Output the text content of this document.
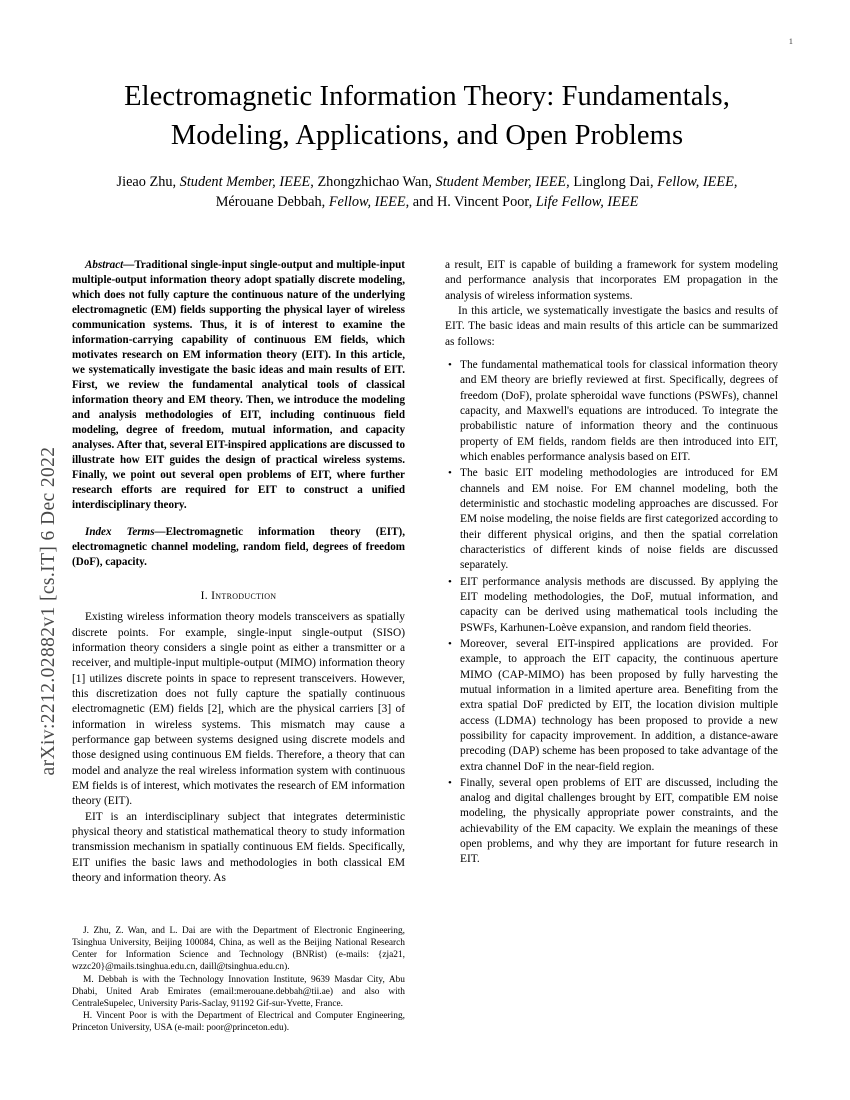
arXiv:2212.02882v1 [cs.IT] 6 Dec 2022
1
Electromagnetic Information Theory: Fundamentals, Modeling, Applications, and Open Problems
Jieao Zhu, Student Member, IEEE, Zhongzhichao Wan, Student Member, IEEE, Linglong Dai, Fellow, IEEE,
Mérouane Debbah, Fellow, IEEE, and H. Vincent Poor, Life Fellow, IEEE
Abstract—Traditional single-input single-output and multiple-input multiple-output information theory adopt spatially discrete modeling, which does not fully capture the continuous nature of the underlying electromagnetic (EM) fields supporting the physical layer of wireless communication systems. Thus, it is of interest to examine the information-carrying capability of continuous EM fields, which motivates research on EM information theory (EIT). In this article, we systematically investigate the basic ideas and main results of EIT. First, we review the fundamental analytical tools of classical information theory and EM theory. Then, we introduce the modeling and analysis methodologies of EIT, including continuous field modeling, degree of freedom, mutual information, and capacity analyses. After that, several EIT-inspired applications are discussed to illustrate how EIT guides the design of practical wireless systems. Finally, we point out several open problems of EIT, where further research efforts are required for EIT to construct a unified interdisciplinary theory.
Index Terms—Electromagnetic information theory (EIT), electromagnetic channel modeling, random field, degrees of freedom (DoF), capacity.
I. Introduction

Existing wireless information theory models transceivers as spatially discrete points. For example, single-input single-output (SISO) information theory considers a single point as either a transmitter or a receiver, and multiple-input multiple-output (MIMO) information theory [1] utilizes discrete points in space to represent transceivers. However, this discretization does not fully capture the spatially continuous electromagnetic (EM) fields [2], which are the physical carriers [3] of information in wireless systems. This mismatch may cause a performance gap between systems designed using discrete models and those designed using continuous EM fields. Therefore, a theory that can model and analyze the real wireless information system with continuous EM fields is of interest, which motivates the research of EM information theory (EIT).

EIT is an interdisciplinary subject that integrates deterministic physical theory and statistical mathematical theory to study information transmission mechanism in spatially continuous EM fields. Specifically, EIT unifies the basic laws and methodologies in both classical EM theory and information theory. As

a result, EIT is capable of building a framework for system modeling and performance analysis that incorporates EM propagation in the analysis of wireless information systems.

In this article, we systematically investigate the basics and results of EIT. The basic ideas and main results of this article can be summarized as follows:

• The fundamental mathematical tools for classical information theory and EM theory are briefly reviewed at first. Specifically, degrees of freedom (DoF), prolate spheroidal wave functions (PSWFs), channel capacity, and Maxwell's equations are introduced. To integrate the probabilistic nature of information theory and the continuous property of EM fields, random fields are then introduced into EIT, which enables performance analysis based on EIT.
• The basic EIT modeling methodologies are introduced for EM channels and EM noise. For EM channel modeling, both the deterministic and stochastic modeling approaches are discussed. For EM noise modeling, the noise fields are first categorized according to their different physical origins, and then the spatial correlation characteristics of different kinds of noise fields are discussed separately.
• EIT performance analysis methods are discussed. By applying the EIT modeling methodologies, the DoF, mutual information, and capacity can be derived using mathematical tools including the PSWFs, Karhunen-Loève expansion, and random field theories.
• Moreover, several EIT-inspired applications are provided. For example, to approach the EIT capacity, the continuous aperture MIMO (CAP-MIMO) has been proposed by fully harvesting the mutual information in a limited aperture area. Benefiting from the extra spatial DoF predicted by EIT, the location division multiple access (LDMA) technology has been proposed to provide a new possibility for capacity improvement. In addition, a distance-aware precoding (DAP) scheme has been proposed to take advantage of the extra channel DoF in the near-field region.
• Finally, several open problems of EIT are discussed, including the analog and digital challenges brought by EIT, compatible EM noise modeling, the physically appropriate power constraints, and the achievability of the EM capacity. We explain the meanings of these open problems, and why they are important for future research in EIT.

J. Zhu, Z. Wan, and L. Dai are with the Department of Electronic Engineering, Tsinghua University, Beijing 100084, China, as well as the Beijing National Research Center for Information Science and Technology (BNRist) (e-mails: {zja21, wzzc20}@mails.tsinghua.edu.cn, daill@tsinghua.edu.cn).

M. Debbah is with the Technology Innovation Institute, 9639 Masdar City, Abu Dhabi, United Arab Emirates (email:merouane.debbah@tii.ae) and also with CentraleSupelec, University Paris-Saclay, 91192 Gif-sur-Yvette, France.

H. Vincent Poor is with the Department of Electrical and Computer Engineering, Princeton University, USA (e-mail: poor@princeton.edu).
